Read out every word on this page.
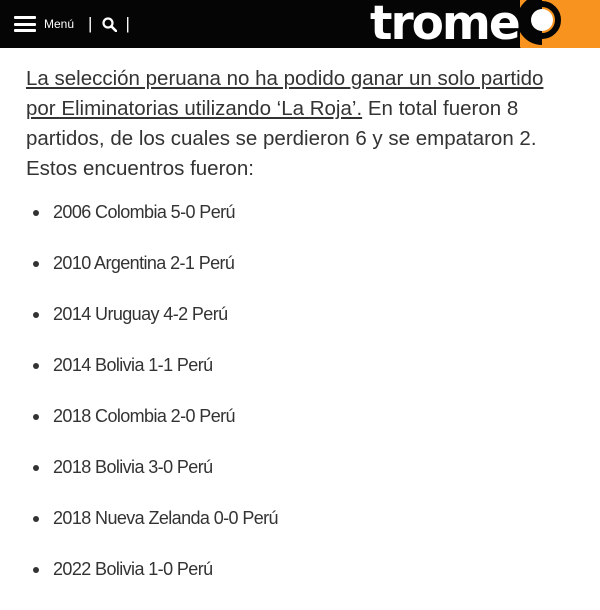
Menú | |	trome

La selección peruana no ha podido ganar un solo partido por Eliminatorias utilizando ‘La Roja’. En total fueron 8 partidos, de los cuales se perdieron 6 y se empataron 2. Estos encuentros fueron:

2006 Colombia 5-0 Perú
2010 Argentina 2-1 Perú
2014 Uruguay 4-2 Perú
2014 Bolivia 1-1 Perú
2018 Colombia 2-0 Perú
2018 Bolivia 3-0 Perú
2018 Nueva Zelanda 0-0 Perú
2022 Bolivia 1-0 Perú
